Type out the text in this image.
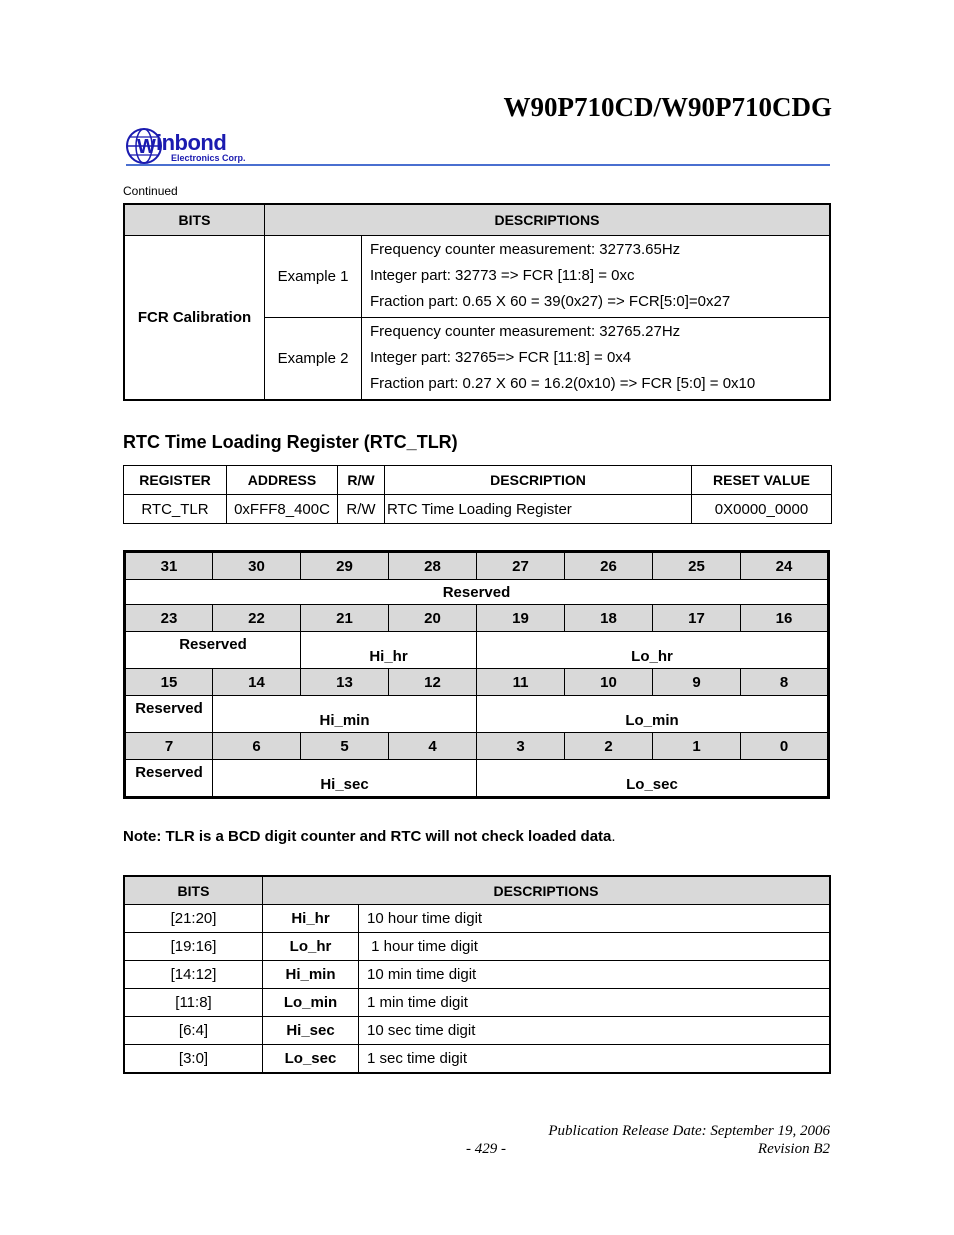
W90P710CD/W90P710CDG
W inbond
Electronics Corp.
Continued
BITS	DESCRIPTIONS	
FCR Calibration	Example 1	Frequency counter measurement: 32773.65Hz
Integer part: 32773 => FCR [11:8] = 0xc
Fraction part: 0.65 X 60 = 39(0x27) => FCR[5:0]=0x27

	Example 2	Frequency counter measurement: 32765.27Hz
Integer part: 32765=> FCR [11:8] = 0x4
Fraction part: 0.27 X 60 = 16.2(0x10) => FCR [5:0] = 0x10
RTC Time Loading Register (RTC_TLR)
REGISTER	ADDRESS	R/W	DESCRIPTION	RESET VALUE
RTC_TLR	0xFFF8_400C	R/W	RTC Time Loading Register	0X0000_0000
31	30	29	28	27	26	25	24
Reserved							
23	22	21	20	19	18	17	16
Reserved		Hi_hr		Lo_hr			
15	14	13	12	11	10	9	8
Reserved	Hi_min			Lo_min			
7	6	5	4	3	2	1	0
Reserved	Hi_sec			Lo_sec			
Note: TLR is a BCD digit counter and RTC will not check loaded data.
BITS	DESCRIPTIONS	
[21:20]	Hi_hr	10 hour time digit
[19:16]	Lo_hr	1 hour time digit
[14:12]	Hi_min	10 min time digit
[11:8]	Lo_min	1 min time digit
[6:4]	Hi_sec	10 sec time digit
[3:0]	Lo_sec	1 sec time digit
Publication Release Date: September 19, 2006
- 429 -	Revision B2
